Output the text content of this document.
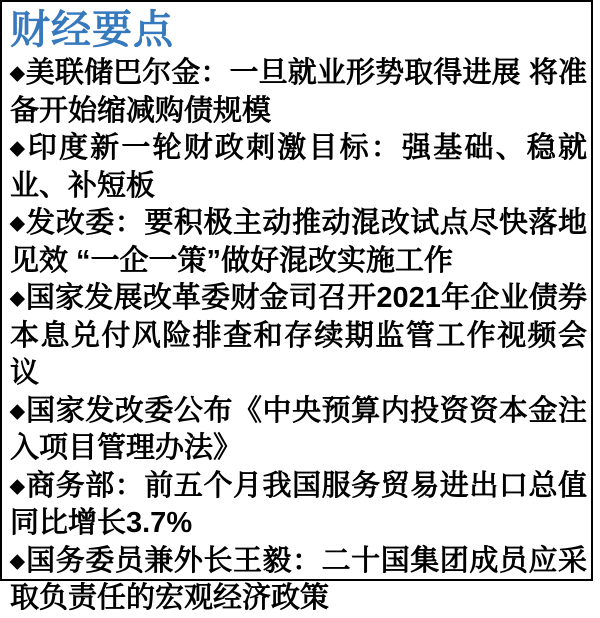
财经要点
◆美联储巴尔金：一旦就业形势取得进展 将准备开始缩减购债规模
◆印度新一轮财政刺激目标：强基础、稳就业、补短板
◆发改委：要积极主动推动混改试点尽快落地见效 “一企一策”做好混改实施工作
◆国家发展改革委财金司召开2021年企业债券本息兑付风险排查和存续期监管工作视频会议
◆国家发改委公布《中央预算内投资资本金注入项目管理办法》
◆商务部：前五个月我国服务贸易进出口总值同比增长3.7%
◆国务委员兼外长王毅：二十国集团成员应采取负责任的宏观经济政策
